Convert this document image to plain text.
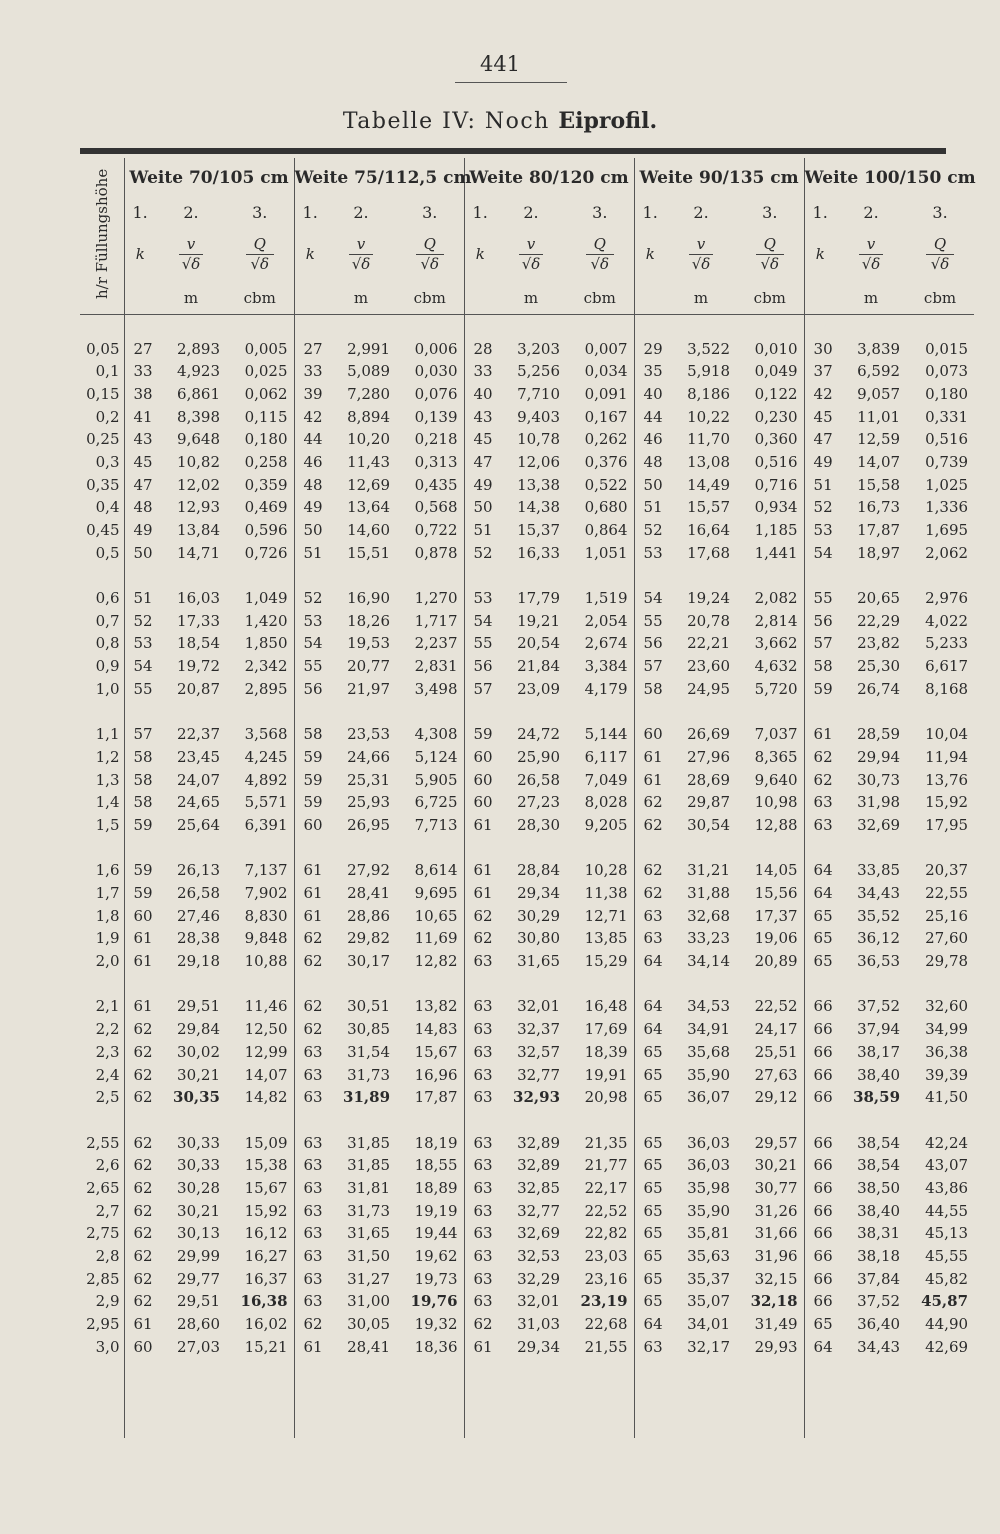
441
Tabelle IV: Noch Eiprofil.
h/r Füllungshöhe	Weite 70/105 cm			Weite 75/112,5 cm			Weite 80/120 cm			Weite 90/135 cm			Weite 100/150 cm		
	1.	2.	3.	1.	2.	3.	1.	2.	3.	1.	2.	3.	1.	2.	3.
	k	$\frac{v}{√\delta}$	$\frac{Q}{√\delta}$	k	$\frac{v}{√\delta}$	$\frac{Q}{√\delta}$	k	$\frac{v}{√\delta}$	$\frac{Q}{√\delta}$	k	$\frac{v}{√\delta}$	$\frac{Q}{√\delta}$	k	$\frac{v}{√\delta}$	$\frac{Q}{√\delta}$

		m	cbm		m	cbm		m	cbm		m	cbm		m	cbm

0,05	27	2,893	0,005	27	2,991	0,006	28	3,203	0,007	29	3,522	0,010	30	3,839	0,015
0,1	33	4,923	0,025	33	5,089	0,030	33	5,256	0,034	35	5,918	0,049	37	6,592	0,073
0,15	38	6,861	0,062	39	7,280	0,076	40	7,710	0,091	40	8,186	0,122	42	9,057	0,180
0,2	41	8,398	0,115	42	8,894	0,139	43	9,403	0,167	44	10,22	0,230	45	11,01	0,331
0,25	43	9,648	0,180	44	10,20	0,218	45	10,78	0,262	46	11,70	0,360	47	12,59	0,516
0,3	45	10,82	0,258	46	11,43	0,313	47	12,06	0,376	48	13,08	0,516	49	14,07	0,739
0,35	47	12,02	0,359	48	12,69	0,435	49	13,38	0,522	50	14,49	0,716	51	15,58	1,025
0,4	48	12,93	0,469	49	13,64	0,568	50	14,38	0,680	51	15,57	0,934	52	16,73	1,336
0,45	49	13,84	0,596	50	14,60	0,722	51	15,37	0,864	52	16,64	1,185	53	17,87	1,695
0,5	50	14,71	0,726	51	15,51	0,878	52	16,33	1,051	53	17,68	1,441	54	18,97	2,062

0,6	51	16,03	1,049	52	16,90	1,270	53	17,79	1,519	54	19,24	2,082	55	20,65	2,976
0,7	52	17,33	1,420	53	18,26	1,717	54	19,21	2,054	55	20,78	2,814	56	22,29	4,022
0,8	53	18,54	1,850	54	19,53	2,237	55	20,54	2,674	56	22,21	3,662	57	23,82	5,233
0,9	54	19,72	2,342	55	20,77	2,831	56	21,84	3,384	57	23,60	4,632	58	25,30	6,617
1,0	55	20,87	2,895	56	21,97	3,498	57	23,09	4,179	58	24,95	5,720	59	26,74	8,168

1,1	57	22,37	3,568	58	23,53	4,308	59	24,72	5,144	60	26,69	7,037	61	28,59	10,04
1,2	58	23,45	4,245	59	24,66	5,124	60	25,90	6,117	61	27,96	8,365	62	29,94	11,94
1,3	58	24,07	4,892	59	25,31	5,905	60	26,58	7,049	61	28,69	9,640	62	30,73	13,76
1,4	58	24,65	5,571	59	25,93	6,725	60	27,23	8,028	62	29,87	10,98	63	31,98	15,92
1,5	59	25,64	6,391	60	26,95	7,713	61	28,30	9,205	62	30,54	12,88	63	32,69	17,95

1,6	59	26,13	7,137	61	27,92	8,614	61	28,84	10,28	62	31,21	14,05	64	33,85	20,37
1,7	59	26,58	7,902	61	28,41	9,695	61	29,34	11,38	62	31,88	15,56	64	34,43	22,55
1,8	60	27,46	8,830	61	28,86	10,65	62	30,29	12,71	63	32,68	17,37	65	35,52	25,16
1,9	61	28,38	9,848	62	29,82	11,69	62	30,80	13,85	63	33,23	19,06	65	36,12	27,60
2,0	61	29,18	10,88	62	30,17	12,82	63	31,65	15,29	64	34,14	20,89	65	36,53	29,78

2,1	61	29,51	11,46	62	30,51	13,82	63	32,01	16,48	64	34,53	22,52	66	37,52	32,60
2,2	62	29,84	12,50	62	30,85	14,83	63	32,37	17,69	64	34,91	24,17	66	37,94	34,99
2,3	62	30,02	12,99	63	31,54	15,67	63	32,57	18,39	65	35,68	25,51	66	38,17	36,38
2,4	62	30,21	14,07	63	31,73	16,96	63	32,77	19,91	65	35,90	27,63	66	38,40	39,39
2,5	62	30,35	14,82	63	31,89	17,87	63	32,93	20,98	65	36,07	29,12	66	38,59	41,50

2,55	62	30,33	15,09	63	31,85	18,19	63	32,89	21,35	65	36,03	29,57	66	38,54	42,24
2,6	62	30,33	15,38	63	31,85	18,55	63	32,89	21,77	65	36,03	30,21	66	38,54	43,07
2,65	62	30,28	15,67	63	31,81	18,89	63	32,85	22,17	65	35,98	30,77	66	38,50	43,86
2,7	62	30,21	15,92	63	31,73	19,19	63	32,77	22,52	65	35,90	31,26	66	38,40	44,55
2,75	62	30,13	16,12	63	31,65	19,44	63	32,69	22,82	65	35,81	31,66	66	38,31	45,13
2,8	62	29,99	16,27	63	31,50	19,62	63	32,53	23,03	65	35,63	31,96	66	38,18	45,55
2,85	62	29,77	16,37	63	31,27	19,73	63	32,29	23,16	65	35,37	32,15	66	37,84	45,82
2,9	62	29,51	16,38	63	31,00	19,76	63	32,01	23,19	65	35,07	32,18	66	37,52	45,87
2,95	61	28,60	16,02	62	30,05	19,32	62	31,03	22,68	64	34,01	31,49	65	36,40	44,90
3,0	60	27,03	15,21	61	28,41	18,36	61	29,34	21,55	63	32,17	29,93	64	34,43	42,69
